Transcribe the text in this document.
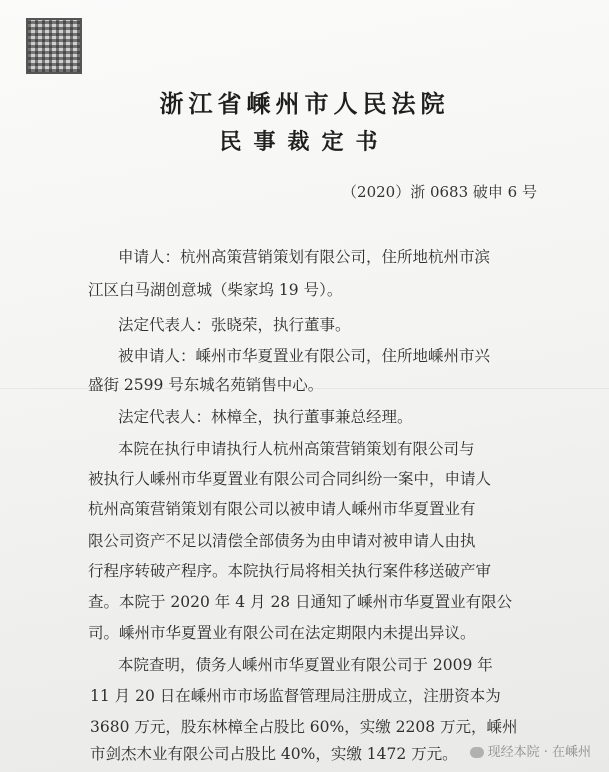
浙江省嵊州市人民法院
民事裁定书
（2020）浙 0683 破申 6 号
申请人：杭州高策营销策划有限公司，住所地杭州市滨
江区白马湖创意城（柴家坞 19 号）。
法定代表人：张晓荣，执行董事。
被申请人：嵊州市华夏置业有限公司，住所地嵊州市兴
盛街 2599 号东城名苑销售中心。
法定代表人：林樟全，执行董事兼总经理。
本院在执行申请执行人杭州高策营销策划有限公司与
被执行人嵊州市华夏置业有限公司合同纠纷一案中，申请人
杭州高策营销策划有限公司以被申请人嵊州市华夏置业有
限公司资产不足以清偿全部债务为由申请对被申请人由执
行程序转破产程序。本院执行局将相关执行案件移送破产审
查。本院于 2020 年 4 月 28 日通知了嵊州市华夏置业有限公
司。嵊州市华夏置业有限公司在法定期限内未提出异议。
本院查明，债务人嵊州市华夏置业有限公司于 2009 年
11 月 20 日在嵊州市市场监督管理局注册成立，注册资本为
3680 万元，股东林樟全占股比 60%，实缴 2208 万元，嵊州
市剑杰木业有限公司占股比 40%，实缴 1472 万元。	现经本院 · 在嵊州
